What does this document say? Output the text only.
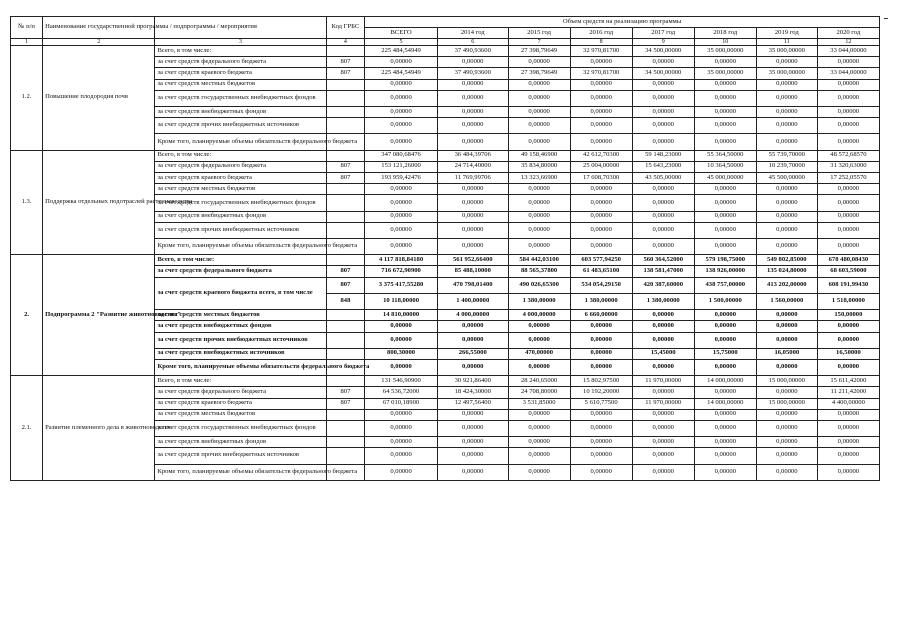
№ п/п	Наименование государственной программы / подпрограммы / мероприятия		Код ГРБС	Объем средств на реализацию программы							
				ВСЕГО	2014 год	2015 год	2016 год	2017 год	2018 год	2019 год	2020 год
1	2	3	4	5	6	7	8	9	10	11	12
1.2.	Повышение плодородия почв	Всего, в том числе:		225 484,54949	37 490,93600	27 398,79649	32 970,81700	34 500,00000	35 000,00000	35 000,00000	33 044,00000
		за счет средств федерального бюджета	807	0,00000	0,00000	0,00000	0,00000	0,00000	0,00000	0,00000	0,00000
		за счет средств краевого бюджета	807	225 484,54949	37 490,93600	27 398,79649	32 970,81700	34 500,00000	35 000,00000	35 000,00000	33 044,00000
		за счет средств местных бюджетов		0,00000	0,00000	0,00000	0,00000	0,00000	0,00000	0,00000	0,00000
		за счет средств государственных внебюджетных фондов		0,00000	0,00000	0,00000	0,00000	0,00000	0,00000	0,00000	0,00000
		за счет средств внебюджетных фондов		0,00000	0,00000	0,00000	0,00000	0,00000	0,00000	0,00000	0,00000
		за счет средств прочих внебюджетных источников		0,00000	0,00000	0,00000	0,00000	0,00000	0,00000	0,00000	0,00000
		Кроме того, планируемые объемы обязательств федерального бюджета		0,00000	0,00000	0,00000	0,00000	0,00000	0,00000	0,00000	0,00000
1.3.	Поддержка отдельных подотраслей растениеводства	Всего, в том числе:		347 080,68476	36 484,39706	49 158,46900	42 612,70300	59 148,23000	55 364,50000	55 739,70000	48 572,68570
		за счет средств федерального бюджета	807	153 121,26000	24 714,40000	35 834,80000	25 004,00000	15 643,23000	10 364,50000	10 239,70000	31 320,63000
		за счет средств краевого бюджета	807	193 959,42476	11 769,99706	13 323,66900	17 608,70300	43 505,00000	45 000,00000	45 500,00000	17 252,05570
		за счет средств местных бюджетов		0,00000	0,00000	0,00000	0,00000	0,00000	0,00000	0,00000	0,00000
		за счет средств государственных внебюджетных фондов		0,00000	0,00000	0,00000	0,00000	0,00000	0,00000	0,00000	0,00000
		за счет средств внебюджетных фондов		0,00000	0,00000	0,00000	0,00000	0,00000	0,00000	0,00000	0,00000
		за счет средств прочих внебюджетных источников		0,00000	0,00000	0,00000	0,00000	0,00000	0,00000	0,00000	0,00000
		Кроме того, планируемые объемы обязательств федерального бюджета		0,00000	0,00000	0,00000	0,00000	0,00000	0,00000	0,00000	0,00000
2.	Подпрограмма 2 "Развитие животноводства"	Всего, в том числе:		4 117 818,84180	561 952,66400	584 442,03100	603 577,94250	560 364,52000	579 198,75000	549 802,85000	678 480,08430
		за счет средств федерального бюджета	807	716 672,90900	85 488,10000	88 565,37800	61 483,65100	138 581,47000	138 926,00000	135 024,80000	68 603,59000
		за счет средств краевого бюджета всего, в том числе	807	3 375 417,55280	470 798,01400	490 026,65300	534 054,29150	420 387,60000	438 757,00000	413 202,00000	608 191,99430
			848	10 118,00000	1 400,00000	1 380,00000	1 380,00000	1 380,00000	1 500,00000	1 560,00000	1 518,00000
		за счет средств местных бюджетов		14 810,00000	4 000,00000	4 000,00000	6 660,00000	0,00000	0,00000	0,00000	150,00000
		за счет средств внебюджетных фондов		0,00000	0,00000	0,00000	0,00000	0,00000	0,00000	0,00000	0,00000
		за счет средств прочих внебюджетных источников		0,00000	0,00000	0,00000	0,00000	0,00000	0,00000	0,00000	0,00000
		за счет средств внебюджетных источников		800,30000	266,55000	470,00000	0,00000	15,45000	15,75000	16,05000	16,50000
		Кроме того, планируемые объемы обязательств федерального бюджета		0,00000	0,00000	0,00000	0,00000	0,00000	0,00000	0,00000	0,00000
2.1.	Развитие племенного дела в животноводстве	Всего, в том числе:		131 546,90900	30 921,86400	28 240,65000	15 802,97500	11 970,00000	14 000,00000	15 000,00000	15 611,42000
		за счет средств федерального бюджета	807	64 536,72000	18 424,30000	24 708,80000	10 192,20000	0,00000	0,00000	0,00000	11 211,42000
		за счет средств краевого бюджета	807	67 010,18900	12 497,56400	3 531,85000	5 610,77500	11 970,00000	14 000,00000	15 000,00000	4 400,00000
		за счет средств местных бюджетов		0,00000	0,00000	0,00000	0,00000	0,00000	0,00000	0,00000	0,00000
		за счет средств государственных внебюджетных фондов		0,00000	0,00000	0,00000	0,00000	0,00000	0,00000	0,00000	0,00000
		за счет средств внебюджетных фондов		0,00000	0,00000	0,00000	0,00000	0,00000	0,00000	0,00000	0,00000
		за счет средств прочих внебюджетных источников		0,00000	0,00000	0,00000	0,00000	0,00000	0,00000	0,00000	0,00000
		Кроме того, планируемые объемы обязательств федерального бюджета		0,00000	0,00000	0,00000	0,00000	0,00000	0,00000	0,00000	0,00000
